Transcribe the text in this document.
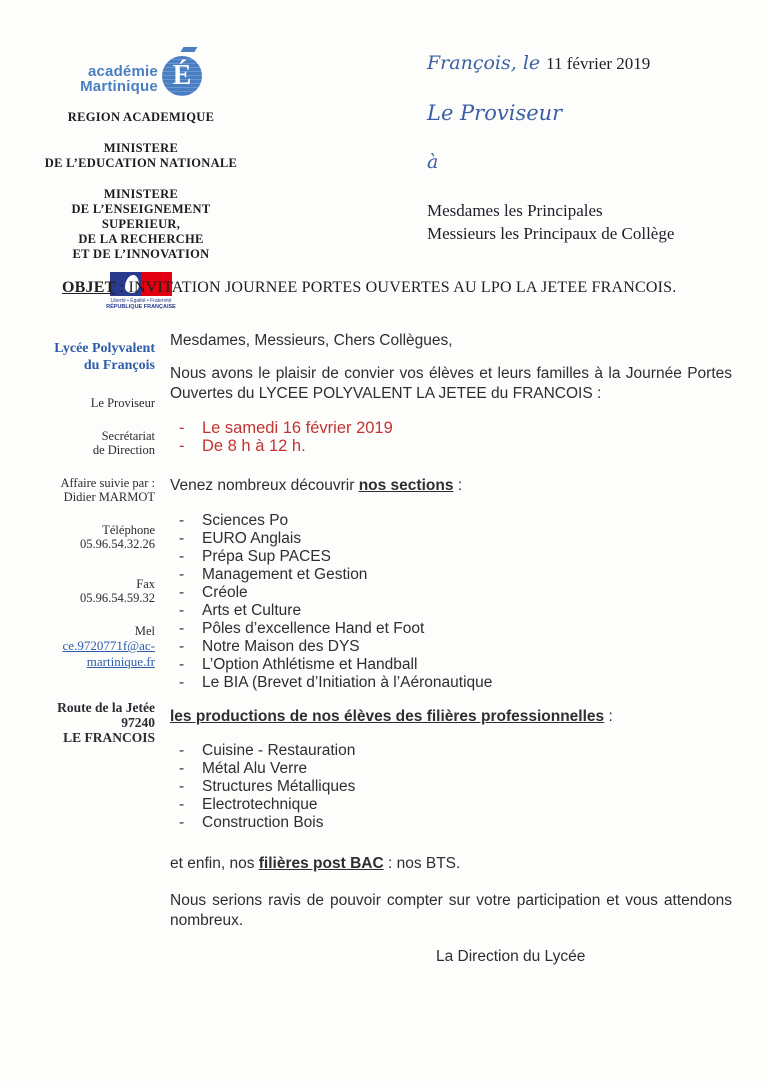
académie
Martinique É
REGION ACADEMIQUE
MINISTERE
DE L’EDUCATION NATIONALE
MINISTERE
DE L’ENSEIGNEMENT SUPERIEUR,
DE LA RECHERCHE
ET DE L’INNOVATION
Liberté • Égalité • Fraternité
RÉPUBLIQUE FRANÇAISE
François, le 11 février 2019
Le Proviseur
à
Mesdames les Principales
Messieurs les Principaux de Collège
OBJET : INVITATION JOURNEE PORTES OUVERTES AU LPO LA JETEE FRANCOIS.
Lycée Polyvalent
du François
Le Proviseur
Secrétariat
de Direction
Affaire suivie par :
Didier MARMOT
Téléphone
05.96.54.32.26
Fax
05.96.54.59.32
Mel
ce.9720771f@ac-
martinique.fr
Route de la Jetée
97240
LE FRANCOIS

Mesdames, Messieurs, Chers Collègues,

Nous avons le plaisir de convier vos élèves et leurs familles à la Journée Portes Ouvertes du LYCEE POLYVALENT LA JETEE du FRANCOIS :

-	Le samedi 16 février 2019
-	De 8 h à 12 h.

Venez nombreux découvrir nos sections :

-	Sciences Po
-	EURO Anglais
-	Prépa Sup PACES
-	Management et Gestion
-	Créole
-	Arts et Culture
-	Pôles d’excellence Hand et Foot
-	Notre Maison des DYS
-	L’Option Athlétisme et Handball
-	Le BIA (Brevet d’Initiation à l’Aéronautique

les productions de nos élèves des filières professionnelles :

-	Cuisine - Restauration
-	Métal Alu Verre
-	Structures Métalliques
-	Electrotechnique
-	Construction Bois

et enfin, nos filières post BAC : nos BTS.

Nous serions ravis de pouvoir compter sur votre participation et vous attendons nombreux.

La Direction du Lycée
